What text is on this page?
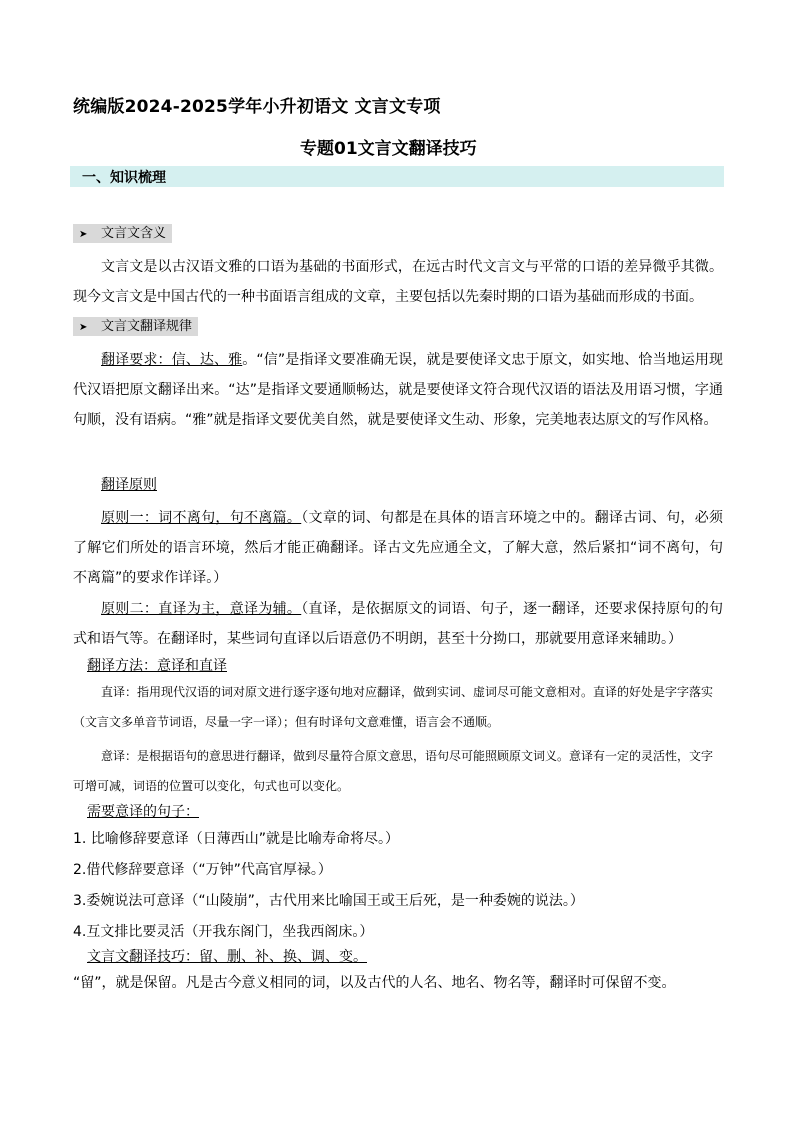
统编版2024-2025学年小升初语文 文言文专项
专题01文言文翻译技巧
一、知识梳理
➤ 文言文含义
文言文是以古汉语文雅的口语为基础的书面形式，在远古时代文言文与平常的口语的差异微乎其微。现今文言文是中国古代的一种书面语言组成的文章，主要包括以先秦时期的口语为基础而形成的书面。
➤ 文言文翻译规律
翻译要求：信、达、雅。“信”是指译文要准确无误，就是要使译文忠于原文，如实地、恰当地运用现代汉语把原文翻译出来。“达”是指译文要通顺畅达，就是要使译文符合现代汉语的语法及用语习惯，字通句顺，没有语病。“雅”就是指译文要优美自然，就是要使译文生动、形象，完美地表达原文的写作风格。
翻译原则
原则一：词不离句，句不离篇。（文章的词、句都是在具体的语言环境之中的。翻译古词、句，必须了解它们所处的语言环境，然后才能正确翻译。译古文先应通全文，了解大意，然后紧扣“词不离句，句不离篇”的要求作详译。）
原则二：直译为主，意译为辅。（直译，是依据原文的词语、句子，逐一翻译，还要求保持原句的句式和语气等。在翻译时，某些词句直译以后语意仍不明朗，甚至十分拗口，那就要用意译来辅助。）
翻译方法：意译和直译
直译：指用现代汉语的词对原文进行逐字逐句地对应翻译，做到实词、虚词尽可能文意相对。直译的好处是字字落实（文言文多单音节词语，尽量一字一译）；但有时译句文意难懂，语言会不通顺。
意译：是根据语句的意思进行翻译，做到尽量符合原文意思，语句尽可能照顾原文词义。意译有一定的灵活性，文字可增可减，词语的位置可以变化，句式也可以变化。
需要意译的句子：
1. 比喻修辞要意译（日薄西山”就是比喻寿命将尽。）
2.借代修辞要意译（“万钟”代高官厚禄。）
3.委婉说法可意译（“山陵崩”，古代用来比喻国王或王后死，是一种委婉的说法。）
4.互文排比要灵活（开我东阁门，坐我西阁床。）
文言文翻译技巧：留、删、补、换、调、变。
“留”，就是保留。凡是古今意义相同的词，以及古代的人名、地名、物名等，翻译时可保留不变。
